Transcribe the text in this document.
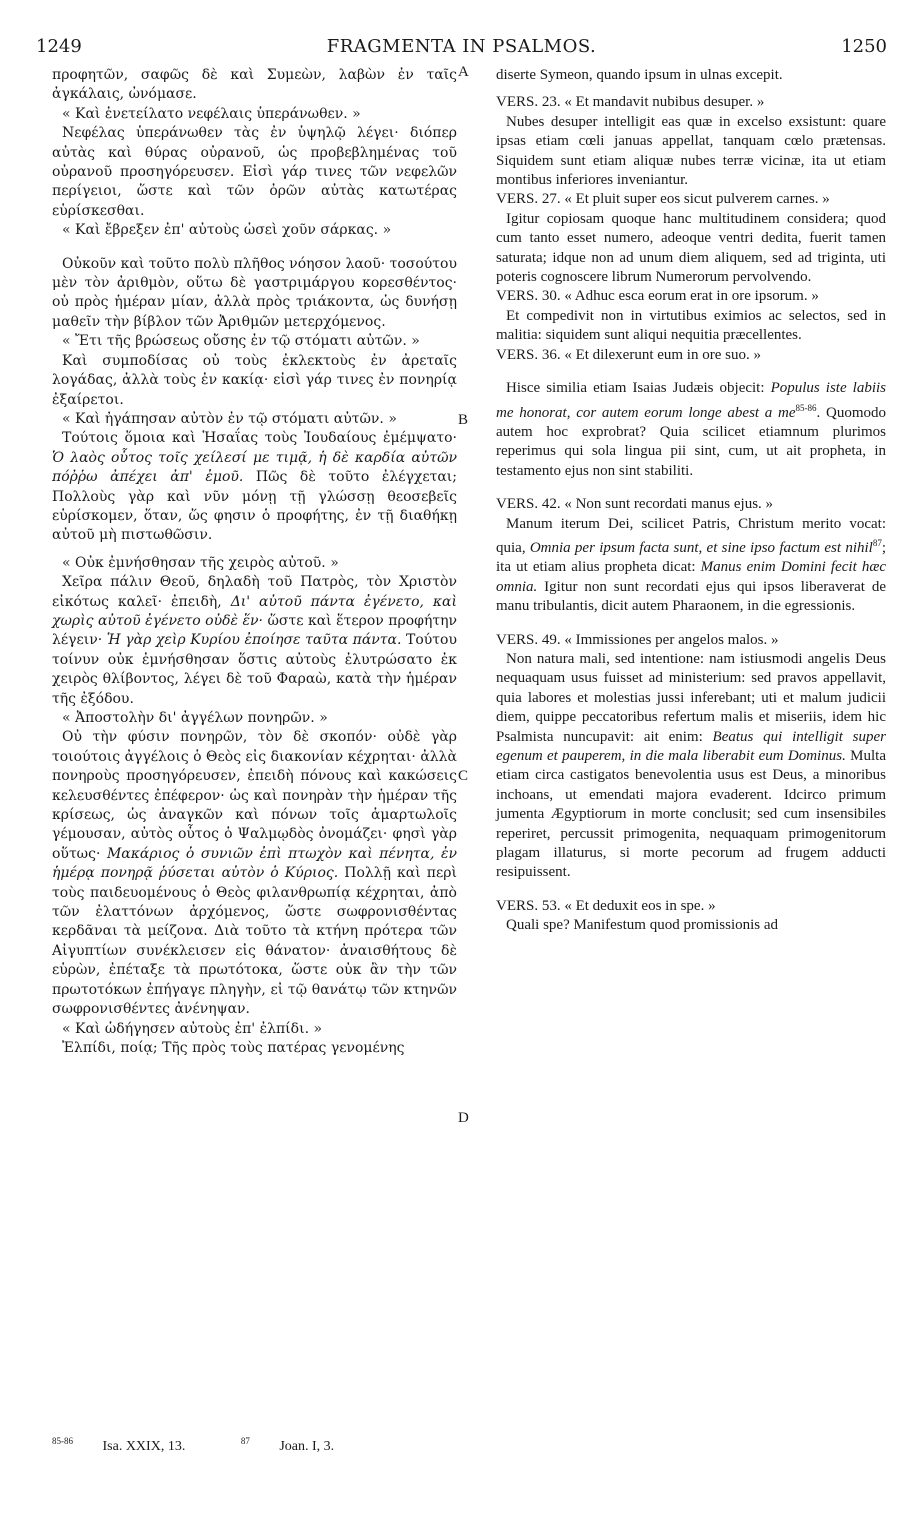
1249	FRAGMENTA IN PSALMOS.	1250

προφητῶν, σαφῶς δὲ καὶ Συμεὼν, λαβὼν ἐν ταῖς ἀγκάλαις, ὠνόμασε.

« Καὶ ἐνετείλατο νεφέλαις ὑπεράνωθεν. »

Νεφέλας ὑπεράνωθεν τὰς ἐν ὑψηλῷ λέγει· διόπερ αὐτὰς καὶ θύρας οὐρανοῦ, ὡς προβεβλημένας τοῦ οὐρανοῦ προσηγόρευσεν. Εἰσὶ γάρ τινες τῶν νεφελῶν περίγειοι, ὥστε καὶ τῶν ὀρῶν αὐτὰς κατωτέρας εὑρίσκεσθαι.

« Καὶ ἔβρεξεν ἐπ' αὐτοὺς ὡσεὶ χοῦν σάρκας. »

Οὐκοῦν καὶ τοῦτο πολὺ πλῆθος νόησον λαοῦ· τοσούτου μὲν τὸν ἀριθμὸν, οὕτω δὲ γαστριμάργου κορεσθέντος· οὐ πρὸς ἡμέραν μίαν, ἀλλὰ πρὸς τριάκοντα, ὡς δυνήσῃ μαθεῖν τὴν βίβλον τῶν Ἀριθμῶν μετερχόμενος.

« Ἔτι τῆς βρώσεως οὔσης ἐν τῷ στόματι αὐτῶν. »

Καὶ συμποδίσας οὐ τοὺς ἐκλεκτοὺς ἐν ἀρεταῖς λογάδας, ἀλλὰ τοὺς ἐν κακίᾳ· εἰσὶ γάρ τινες ἐν πονηρίᾳ ἐξαίρετοι.

« Καὶ ἠγάπησαν αὐτὸν ἐν τῷ στόματι αὐτῶν. »

Τούτοις ὅμοια καὶ Ἡσαΐας τοὺς Ἰουδαίους ἐμέμψατο· Ὁ λαὸς οὗτος τοῖς χείλεσί με τιμᾷ, ἡ δὲ καρδία αὐτῶν πόῤῥω ἀπέχει ἀπ' ἐμοῦ. Πῶς δὲ τοῦτο ἐλέγχεται; Πολλοὺς γὰρ καὶ νῦν μόνῃ τῇ γλώσσῃ θεοσεβεῖς εὑρίσκομεν, ὅταν, ὥς φησιν ὁ προφήτης, ἐν τῇ διαθήκῃ αὐτοῦ μὴ πιστωθῶσιν.

« Οὐκ ἐμνήσθησαν τῆς χειρὸς αὐτοῦ. »

Χεῖρα πάλιν Θεοῦ, δηλαδὴ τοῦ Πατρὸς, τὸν Χριστὸν εἰκότως καλεῖ· ἐπειδὴ, Δι' αὐτοῦ πάντα ἐγένετο, καὶ χωρὶς αὐτοῦ ἐγένετο οὐδὲ ἕν· ὥστε καὶ ἕτερον προφήτην λέγειν· Ἡ γὰρ χεὶρ Κυρίου ἐποίησε ταῦτα πάντα. Τούτου τοίνυν οὐκ ἐμνήσθησαν ὅστις αὐτοὺς ἐλυτρώσατο ἐκ χειρὸς θλίβοντος, λέγει δὲ τοῦ Φαραὼ, κατὰ τὴν ἡμέραν τῆς ἐξόδου.

« Ἀποστολὴν δι' ἀγγέλων πονηρῶν. »

Οὐ τὴν φύσιν πονηρῶν, τὸν δὲ σκοπόν· οὐδὲ γὰρ τοιούτοις ἀγγέλοις ὁ Θεὸς εἰς διακονίαν κέχρηται· ἀλλὰ πονηροὺς προσηγόρευσεν, ἐπειδὴ πόνους καὶ κακώσεις κελευσθέντες ἐπέφερον· ὡς καὶ πονηρὰν τὴν ἡμέραν τῆς κρίσεως, ὡς ἀναγκῶν καὶ πόνων τοῖς ἁμαρτωλοῖς γέμουσαν, αὐτὸς οὗτος ὁ Ψαλμῳδὸς ὀνομάζει· φησὶ γὰρ οὕτως· Μακάριος ὁ συνιῶν ἐπὶ πτωχὸν καὶ πένητα, ἐν ἡμέρᾳ πονηρᾷ ῥύσεται αὐτὸν ὁ Κύριος. Πολλῇ καὶ περὶ τοὺς παιδευομένους ὁ Θεὸς φιλανθρωπίᾳ κέχρηται, ἀπὸ τῶν ἐλαττόνων ἀρχόμενος, ὥστε σωφρονισθέντας κερδᾶναι τὰ μείζονα. Διὰ τοῦτο τὰ κτήνη πρότερα τῶν Αἰγυπτίων συνέκλεισεν εἰς θάνατον· ἀναισθήτους δὲ εὑρὼν, ἐπέταξε τὰ πρωτότοκα, ὥστε οὐκ ἂν τὴν τῶν πρωτοτόκων ἐπήγαγε πληγὴν, εἰ τῷ θανάτῳ τῶν κτηνῶν σωφρονισθέντες ἀνένηψαν.

« Καὶ ὡδήγησεν αὐτοὺς ἐπ' ἐλπίδι. »

Ἐλπίδι, ποίᾳ; Τῆς πρὸς τοὺς πατέρας γενομένης

diserte Symeon, quando ipsum in ulnas excepit.

VERS. 23. « Et mandavit nubibus desuper. »

Nubes desuper intelligit eas quæ in excelso exsistunt: quare ipsas etiam cœli januas appellat, tanquam cœlo prætensas. Siquidem sunt etiam aliquæ nubes terræ vicinæ, ita ut etiam montibus inferiores inveniantur.

VERS. 27. « Et pluit super eos sicut pulverem carnes. »

Igitur copiosam quoque hanc multitudinem considera; quod cum tanto esset numero, adeoque ventri dedita, fuerit tamen saturata; idque non ad unum diem aliquem, sed ad triginta, uti poteris cognoscere librum Numerorum pervolvendo.

VERS. 30. « Adhuc esca eorum erat in ore ipsorum. »

Et compedivit non in virtutibus eximios ac selectos, sed in malitia: siquidem sunt aliqui nequitia præcellentes.

VERS. 36. « Et dilexerunt eum in ore suo. »

Hisce similia etiam Isaias Judæis objecit: Populus iste labiis me honorat, cor autem eorum longe abest a $me^{85-86}$. Quomodo autem hoc exprobrat? Quia scilicet etiamnum plurimos reperimus qui sola lingua pii sint, cum, ut ait propheta, in testamento ejus non sint stabiliti.

VERS. 42. « Non sunt recordati manus ejus. »

Manum iterum Dei, scilicet Patris, Christum merito vocat: quia, Omnia per ipsum facta sunt, et sine ipso factum est nihil$^{87}$; ita ut etiam alius propheta dicat: Manus enim Domini fecit hæc omnia. Igitur non sunt recordati ejus qui ipsos liberaverat de manu tribulantis, dicit autem Pharaonem, in die egressionis.

VERS. 49. « Immissiones per angelos malos. »

Non natura mali, sed intentione: nam istiusmodi angelis Deus nequaquam usus fuisset ad ministerium: sed pravos appellavit, quia labores et molestias jussi inferebant; uti et malum judicii diem, quippe peccatoribus refertum malis et miseriis, idem hic Psalmista nuncupavit: ait enim: Beatus qui intelligit super egenum et pauperem, in die mala liberabit eum Dominus. Multa etiam circa castigatos benevolentia usus est Deus, a minoribus inchoans, ut emendati majora evaderent. Idcirco primum jumenta Ægyptiorum in morte conclusit; sed cum insensibiles reperiret, percussit primogenita, nequaquam primogenitorum plagam illaturus, si morte pecorum ad frugem adducti resipuissent.

VERS. 53. « Et deduxit eos in spe. »

Quali spe? Manifestum quod promissionis ad

A
B
C
D
$^{85-86}$ Isa. XXIX, 13.	$^{87}$ Joan. I, 3.
